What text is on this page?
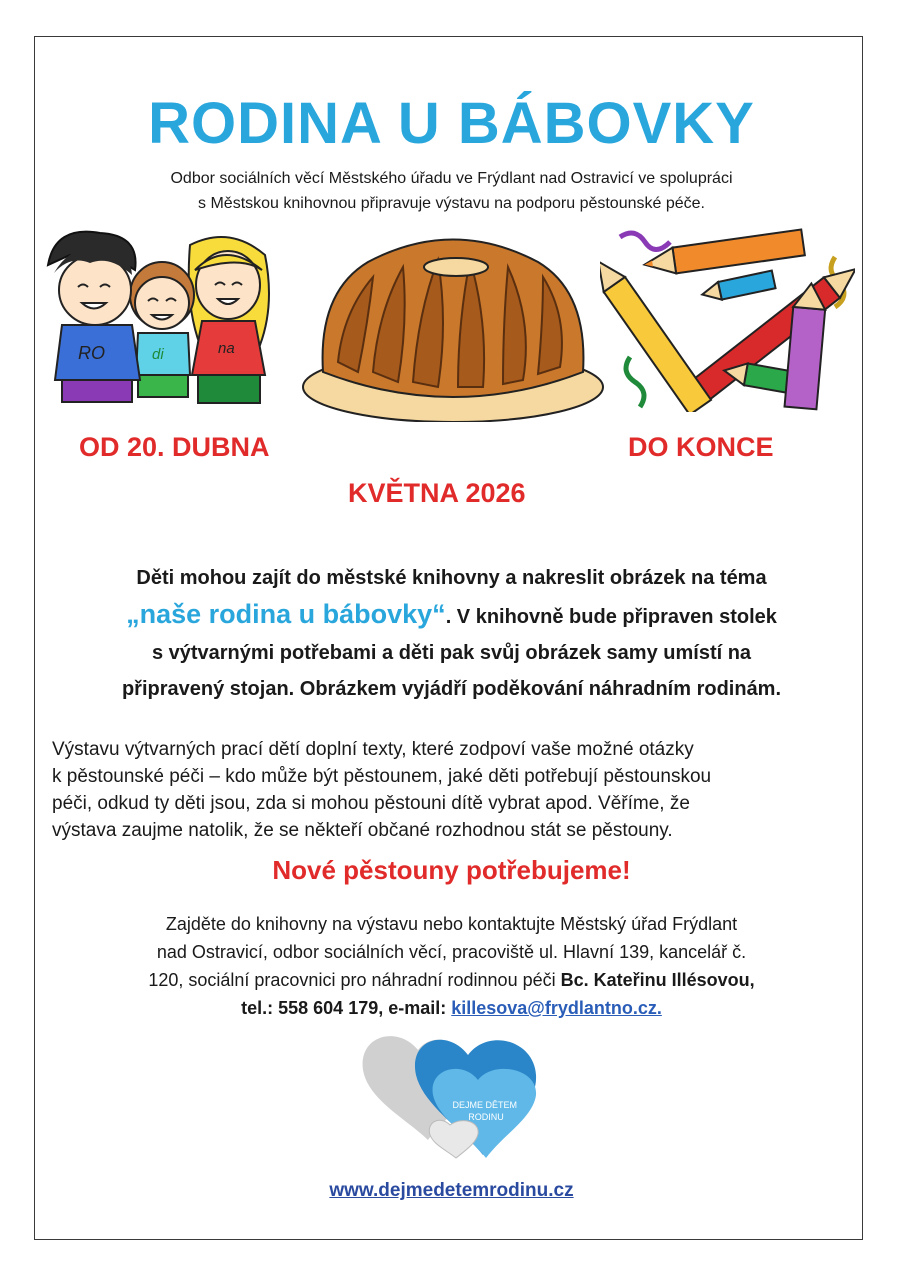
RODINA U BÁBOVKY
Odbor sociálních věcí Městského úřadu ve Frýdlant nad Ostravicí ve spolupráci
s Městskou knihovnou připravuje výstavu na podporu pěstounské péče.
na
di
RO
OD 20. DUBNA	DO KONCE
KVĚTNA 2026
Děti mohou zajít do městské knihovny a nakreslit obrázek na téma
„naše rodina u bábovky“. V knihovně bude připraven stolek
s výtvarnými potřebami a děti pak svůj obrázek samy umístí na
připravený stojan. Obrázkem vyjádří poděkování náhradním rodinám.
Výstavu výtvarných prací dětí doplní texty, které zodpoví vaše možné otázky
k pěstounské péči – kdo může být pěstounem, jaké děti potřebují pěstounskou
péči, odkud ty děti jsou, zda si mohou pěstouni dítě vybrat apod. Věříme, že
výstava zaujme natolik, že se někteří občané rozhodnou stát se pěstouny.
Nové pěstouny potřebujeme!
Zajděte do knihovny na výstavu nebo kontaktujte Městský úřad Frýdlant
nad Ostravicí, odbor sociálních věcí, pracoviště ul. Hlavní 139, kancelář č.
120, sociální pracovnici pro náhradní rodinnou péči Bc. Kateřinu Illésovou,
tel.: 558 604 179, e-mail: killesova@frydlantno.cz.
DEJME DĚTEM RODINU
www.dejmedetemrodinu.cz
